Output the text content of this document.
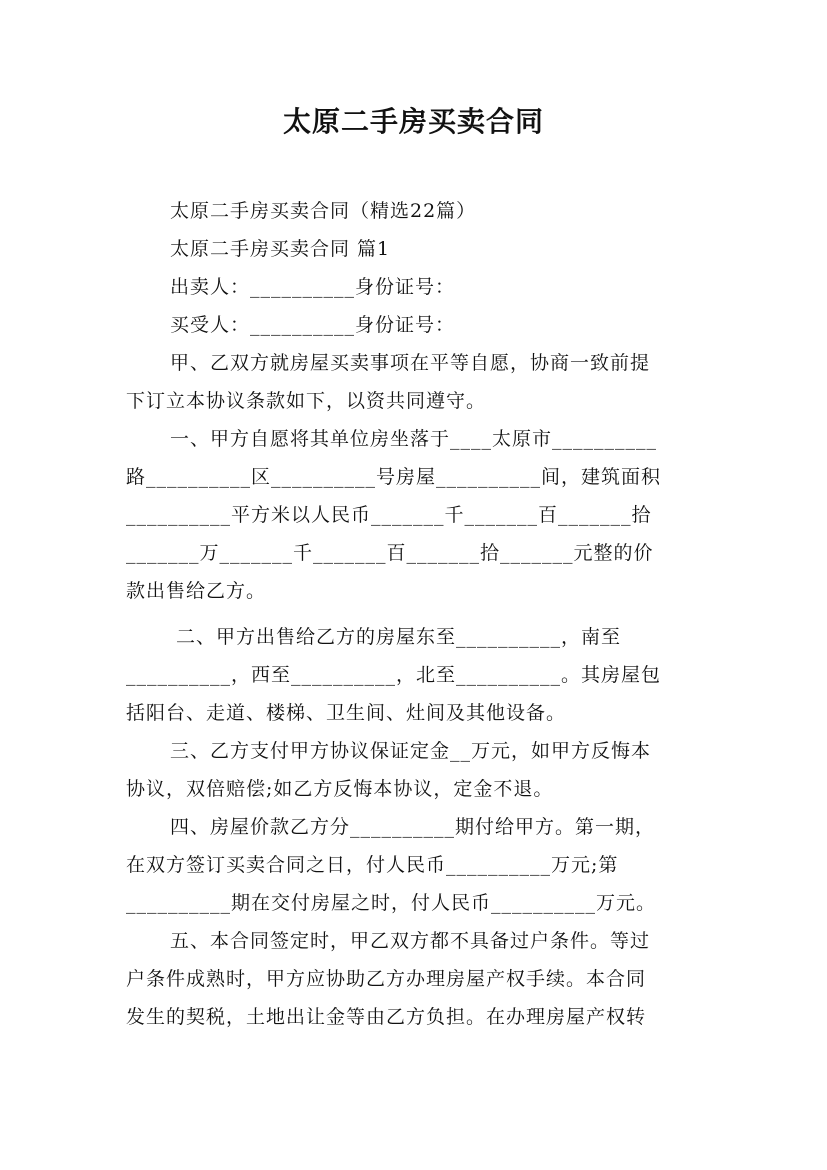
太原二手房买卖合同
太原二手房买卖合同（精选22篇）
太原二手房买卖合同 篇1
出卖人：__________身份证号：
买受人：__________身份证号：
甲、乙双方就房屋买卖事项在平等自愿，协商一致前提
下订立本协议条款如下，以资共同遵守。
一、甲方自愿将其单位房坐落于____太原市__________
路__________区__________号房屋__________间，建筑面积
__________平方米以人民币_______千_______百_______拾
_______万_______千_______百_______拾_______元整的价
款出售给乙方。
二、甲方出售给乙方的房屋东至__________，南至
__________，西至__________，北至__________。其房屋包
括阳台、走道、楼梯、卫生间、灶间及其他设备。
三、乙方支付甲方协议保证定金__万元，如甲方反悔本
协议，双倍赔偿;如乙方反悔本协议，定金不退。
四、房屋价款乙方分__________期付给甲方。第一期，
在双方签订买卖合同之日，付人民币__________万元;第
__________期在交付房屋之时，付人民币__________万元。
五、本合同签定时，甲乙双方都不具备过户条件。等过
户条件成熟时，甲方应协助乙方办理房屋产权手续。本合同
发生的契税，土地出让金等由乙方负担。在办理房屋产权转
